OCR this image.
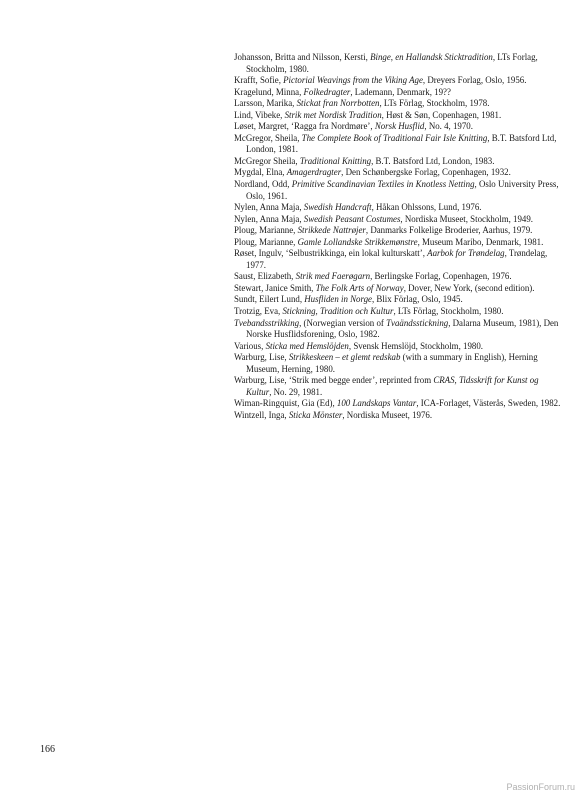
Johansson, Britta and Nilsson, Kersti, Binge, en Hallandsk Sticktradition, LTs Forlag, Stockholm, 1980.
Krafft, Sofie, Pictorial Weavings from the Viking Age, Dreyers Forlag, Oslo, 1956.
Kragelund, Minna, Folkedragter, Lademann, Denmark, 19??
Larsson, Marika, Stickat fran Norrbotten, LTs Förlag, Stockholm, 1978.
Lind, Vibeke, Strik met Nordisk Tradition, Høst & Søn, Copenhagen, 1981.
Løset, Margret, ‘Ragga fra Nordmøre’, Norsk Husflid, No. 4, 1970.
McGregor, Sheila, The Complete Book of Traditional Fair Isle Knitting, B.T. Batsford Ltd, London, 1981.
McGregor Sheila, Traditional Knitting, B.T. Batsford Ltd, London, 1983.
Mygdal, Elna, Amagerdragter, Den Schønbergske Forlag, Copenhagen, 1932.
Nordland, Odd, Primitive Scandinavian Textiles in Knotless Netting, Oslo University Press, Oslo, 1961.
Nylen, Anna Maja, Swedish Handcraft, Håkan Ohlssons, Lund, 1976.
Nylen, Anna Maja, Swedish Peasant Costumes, Nordiska Museet, Stockholm, 1949.
Ploug, Marianne, Strikkede Nattrøjer, Danmarks Folkelige Broderier, Aarhus, 1979.
Ploug, Marianne, Gamle Lollandske Strikkemønstre, Museum Maribo, Denmark, 1981.
Røset, Ingulv, ‘Selbustrikkinga, ein lokal kulturskatt’, Aarbok for Trøndelag, Trøndelag, 1977.
Saust, Elizabeth, Strik med Faerøgarn, Berlingske Forlag, Copenhagen, 1976.
Stewart, Janice Smith, The Folk Arts of Norway, Dover, New York, (second edition).
Sundt, Eilert Lund, Husfliden in Norge, Blix Förlag, Oslo, 1945.
Trotzig, Eva, Stickning, Tradition och Kultur, LTs Förlag, Stockholm, 1980.
Tvebandsstrikking, (Norwegian version of Tvaändsstickning, Dalarna Museum, 1981), Den Norske Husflidsforening, Oslo, 1982.
Various, Sticka med Hemslöjden, Svensk Hemslöjd, Stockholm, 1980.
Warburg, Lise, Strikkeskeen – et glemt redskab (with a summary in English), Herning Museum, Herning, 1980.
Warburg, Lise, ‘Strik med begge ender’, reprinted from CRAS, Tidsskrift for Kunst og Kultur, No. 29, 1981.
Wiman-Ringquist, Gia (Ed), 100 Landskaps Vantar, ICA-Forlaget, Västerås, Sweden, 1982.
Wintzell, Inga, Sticka Mönster, Nordiska Museet, 1976.
166
PassionForum.ru
